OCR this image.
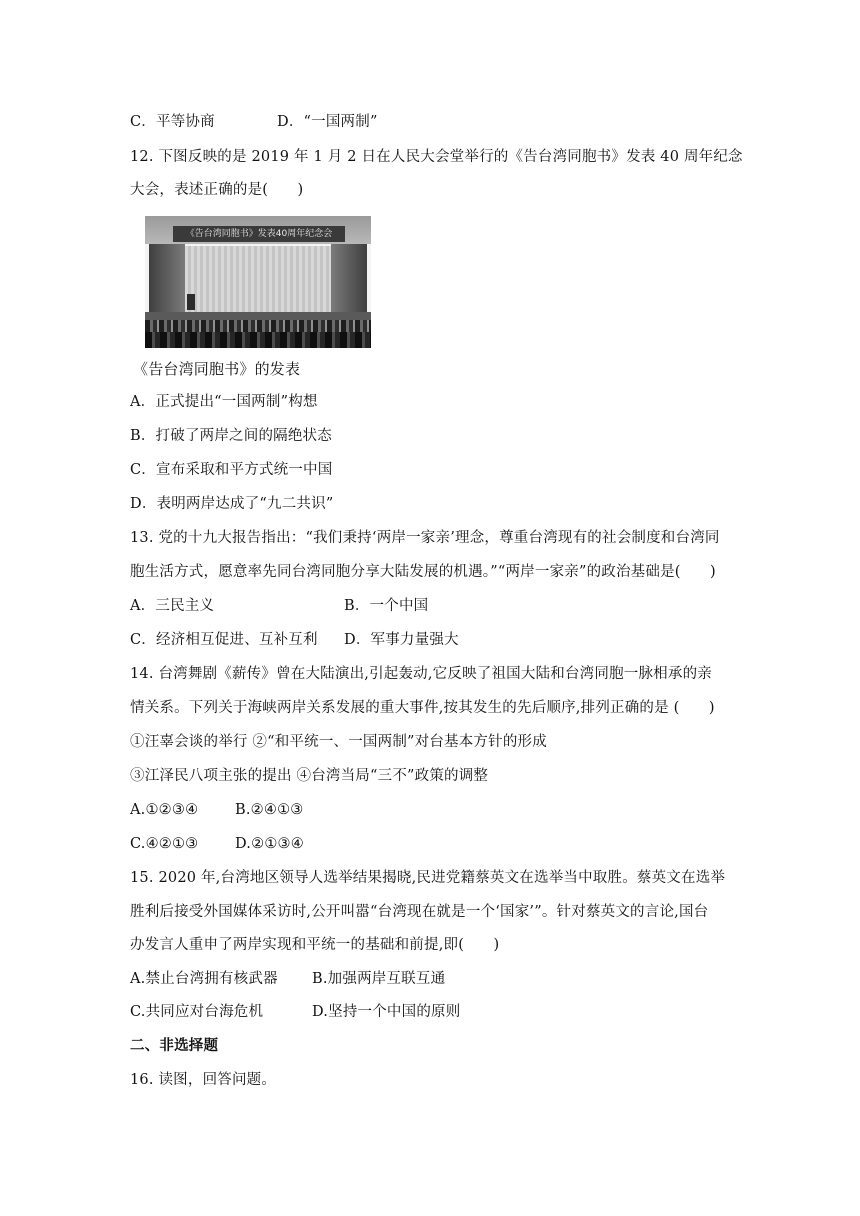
C．平等协商	D．“一国两制”
12. 下图反映的是 2019 年 1 月 2 日在人民大会堂举行的《告台湾同胞书》发表 40 周年纪念
大会，表述正确的是(　　)
《告台湾同胞书》发表40周年纪念会
《告台湾同胞书》的发表
A．正式提出“一国两制”构想
B．打破了两岸之间的隔绝状态
C．宣布采取和平方式统一中国
D．表明两岸达成了“九二共识”
13. 党的十九大报告指出：“我们秉持‘两岸一家亲’理念，尊重台湾现有的社会制度和台湾同
胞生活方式，愿意率先同台湾同胞分享大陆发展的机遇。”“两岸一家亲”的政治基础是(　　)
A．三民主义	B．一个中国
C．经济相互促进、互补互利 D．军事力量强大
14. 台湾舞剧《薪传》曾在大陆演出,引起轰动,它反映了祖国大陆和台湾同胞一脉相承的亲
情关系。下列关于海峡两岸关系发展的重大事件,按其发生的先后顺序,排列正确的是 (　　)
①汪辜会谈的举行 ②“和平统一、一国两制”对台基本方针的形成
③江泽民八项主张的提出 ④台湾当局“三不”政策的调整
A.①②③④	B.②④①③
C.④②①③	D.②①③④
15. 2020 年,台湾地区领导人选举结果揭晓,民进党籍蔡英文在选举当中取胜。蔡英文在选举
胜利后接受外国媒体采访时,公开叫嚣“台湾现在就是一个‘国家’”。针对蔡英文的言论,国台
办发言人重申了两岸实现和平统一的基础和前提,即(　　)
A.禁止台湾拥有核武器 B.加强两岸互联互通
C.共同应对台海危机	D.坚持一个中国的原则
二、非选择题
16. 读图，回答问题。
